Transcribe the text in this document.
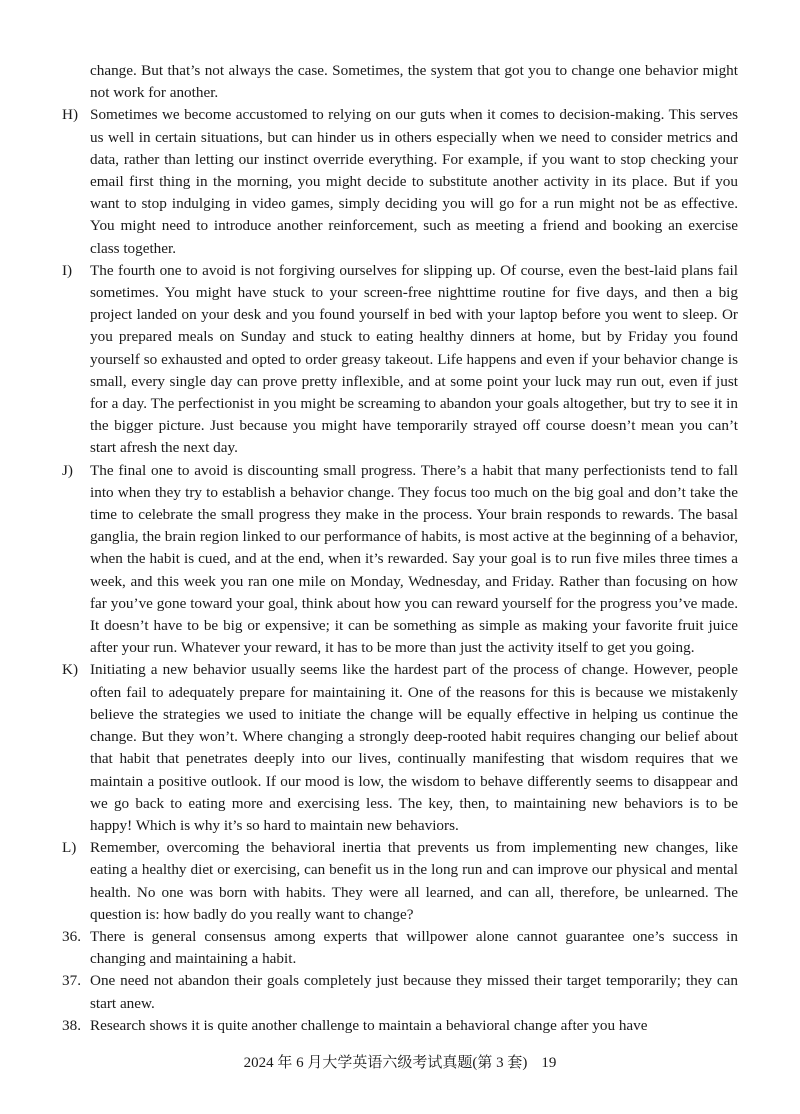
change. But that’s not always the case. Sometimes, the system that got you to change one behavior might not work for another.

H) Sometimes we become accustomed to relying on our guts when it comes to decision-making. This serves us well in certain situations, but can hinder us in others especially when we need to consider metrics and data, rather than letting our instinct override everything. For example, if you want to stop checking your email first thing in the morning, you might decide to substitute another activity in its place. But if you want to stop indulging in video games, simply deciding you will go for a run might not be as effective. You might need to introduce another reinforcement, such as meeting a friend and booking an exercise class together.

I) The fourth one to avoid is not forgiving ourselves for slipping up. Of course, even the best-laid plans fail sometimes. You might have stuck to your screen-free nighttime routine for five days, and then a big project landed on your desk and you found yourself in bed with your laptop before you went to sleep. Or you prepared meals on Sunday and stuck to eating healthy dinners at home, but by Friday you found yourself so exhausted and opted to order greasy takeout. Life happens and even if your behavior change is small, every single day can prove pretty inflexible, and at some point your luck may run out, even if just for a day. The perfectionist in you might be screaming to abandon your goals altogether, but try to see it in the bigger picture. Just because you might have temporarily strayed off course doesn’t mean you can’t start afresh the next day.

J) The final one to avoid is discounting small progress. There’s a habit that many perfectionists tend to fall into when they try to establish a behavior change. They focus too much on the big goal and don’t take the time to celebrate the small progress they make in the process. Your brain responds to rewards. The basal ganglia, the brain region linked to our performance of habits, is most active at the beginning of a behavior, when the habit is cued, and at the end, when it’s rewarded. Say your goal is to run five miles three times a week, and this week you ran one mile on Monday, Wednesday, and Friday. Rather than focusing on how far you’ve gone toward your goal, think about how you can reward yourself for the progress you’ve made. It doesn’t have to be big or expensive; it can be something as simple as making your favorite fruit juice after your run. Whatever your reward, it has to be more than just the activity itself to get you going.

K) Initiating a new behavior usually seems like the hardest part of the process of change. However, people often fail to adequately prepare for maintaining it. One of the reasons for this is because we mistakenly believe the strategies we used to initiate the change will be equally effective in helping us continue the change. But they won’t. Where changing a strongly deep-rooted habit requires changing our belief about that habit that penetrates deeply into our lives, continually manifesting that wisdom requires that we maintain a positive outlook. If our mood is low, the wisdom to behave differently seems to disappear and we go back to eating more and exercising less. The key, then, to maintaining new behaviors is to be happy! Which is why it’s so hard to maintain new behaviors.

L) Remember, overcoming the behavioral inertia that prevents us from implementing new changes, like eating a healthy diet or exercising, can benefit us in the long run and can improve our physical and mental health. No one was born with habits. They were all learned, and can all, therefore, be unlearned. The question is: how badly do you really want to change?

36. There is general consensus among experts that willpower alone cannot guarantee one’s success in changing and maintaining a habit.

37. One need not abandon their goals completely just because they missed their target temporarily; they can start anew.

38. Research shows it is quite another challenge to maintain a behavioral change after you have

2024 年 6 月大学英语六级考试真题(第 3 套) 19
